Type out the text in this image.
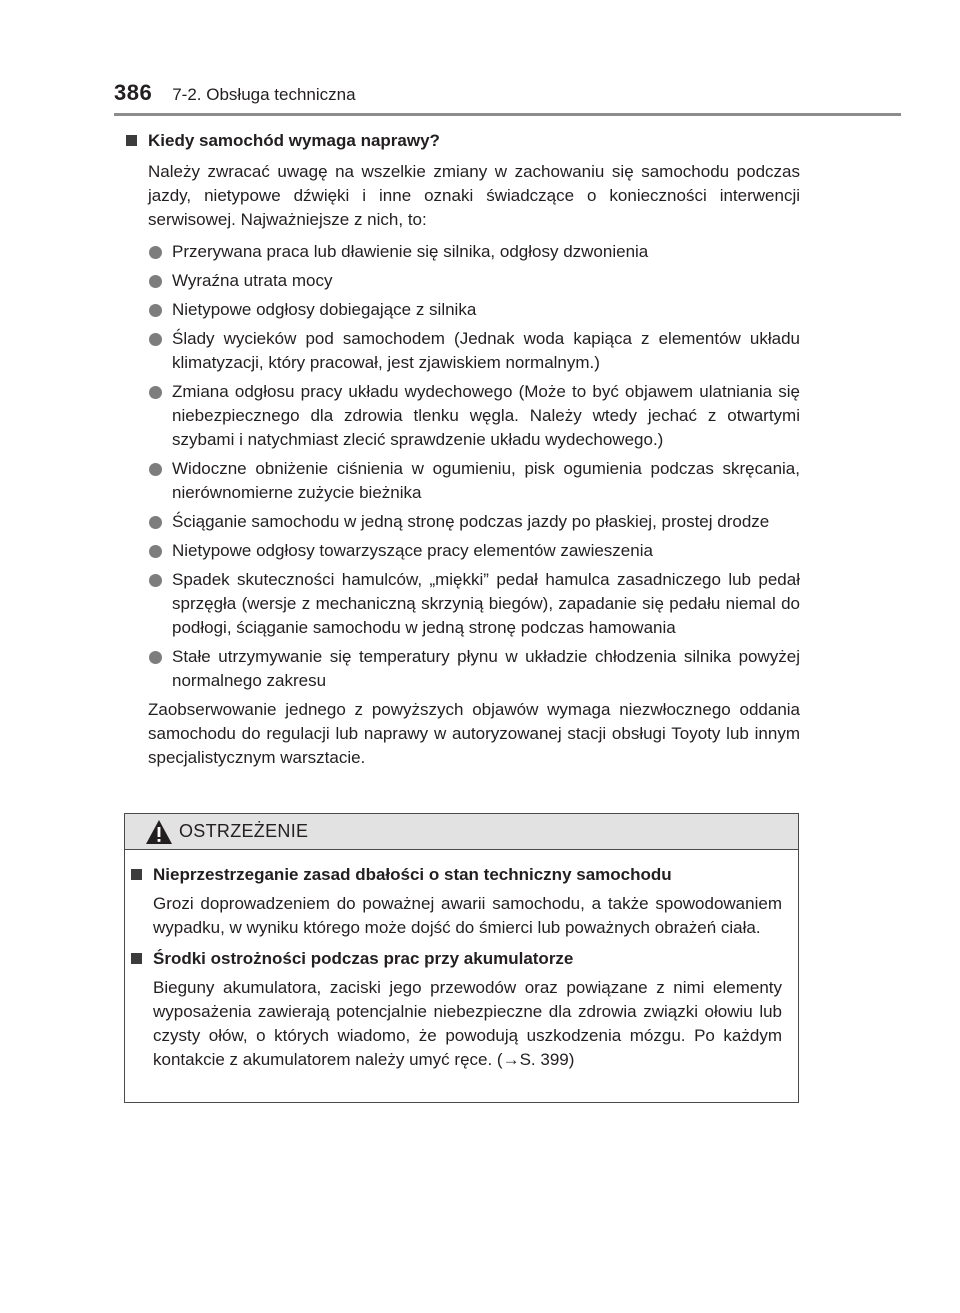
386 7-2. Obsługa techniczna
Kiedy samochód wymaga naprawy?

Należy zwracać uwagę na wszelkie zmiany w zachowaniu się samochodu podczas jazdy, nietypowe dźwięki i inne oznaki świadczące o konieczności interwencji serwisowej. Najważniejsze z nich, to:

Przerywana praca lub dławienie się silnika, odgłosy dzwonienia
Wyraźna utrata mocy
Nietypowe odgłosy dobiegające z silnika
Ślady wycieków pod samochodem (Jednak woda kapiąca z elementów układu klimatyzacji, który pracował, jest zjawiskiem normalnym.)
Zmiana odgłosu pracy układu wydechowego (Może to być objawem ulatniania się niebezpiecznego dla zdrowia tlenku węgla. Należy wtedy jechać z otwartymi szybami i natychmiast zlecić sprawdzenie układu wydechowego.)
Widoczne obniżenie ciśnienia w ogumieniu, pisk ogumienia podczas skręcania, nierównomierne zużycie bieżnika
Ściąganie samochodu w jedną stronę podczas jazdy po płaskiej, prostej drodze
Nietypowe odgłosy towarzyszące pracy elementów zawieszenia
Spadek skuteczności hamulców, „miękki” pedał hamulca zasadniczego lub pedał sprzęgła (wersje z mechaniczną skrzynią biegów), zapadanie się pedału niemal do podłogi, ściąganie samochodu w jedną stronę podczas hamowania
Stałe utrzymywanie się temperatury płynu w układzie chłodzenia silnika powyżej normalnego zakresu

Zaobserwowanie jednego z powyższych objawów wymaga niezwłocznego oddania samochodu do regulacji lub naprawy w autoryzowanej stacji obsługi Toyoty lub innym specjalistycznym warsztacie.

OSTRZEŻENIE
Nieprzestrzeganie zasad dbałości o stan techniczny samochodu

Grozi doprowadzeniem do poważnej awarii samochodu, a także spowodowaniem wypadku, w wyniku którego może dojść do śmierci lub poważnych obrażeń ciała.

Środki ostrożności podczas prac przy akumulatorze

Bieguny akumulatora, zaciski jego przewodów oraz powiązane z nimi elementy wyposażenia zawierają potencjalnie niebezpieczne dla zdrowia związki ołowiu lub czysty ołów, o których wiadomo, że powodują uszkodzenia mózgu. Po każdym kontakcie z akumulatorem należy umyć ręce. (→S. 399)
